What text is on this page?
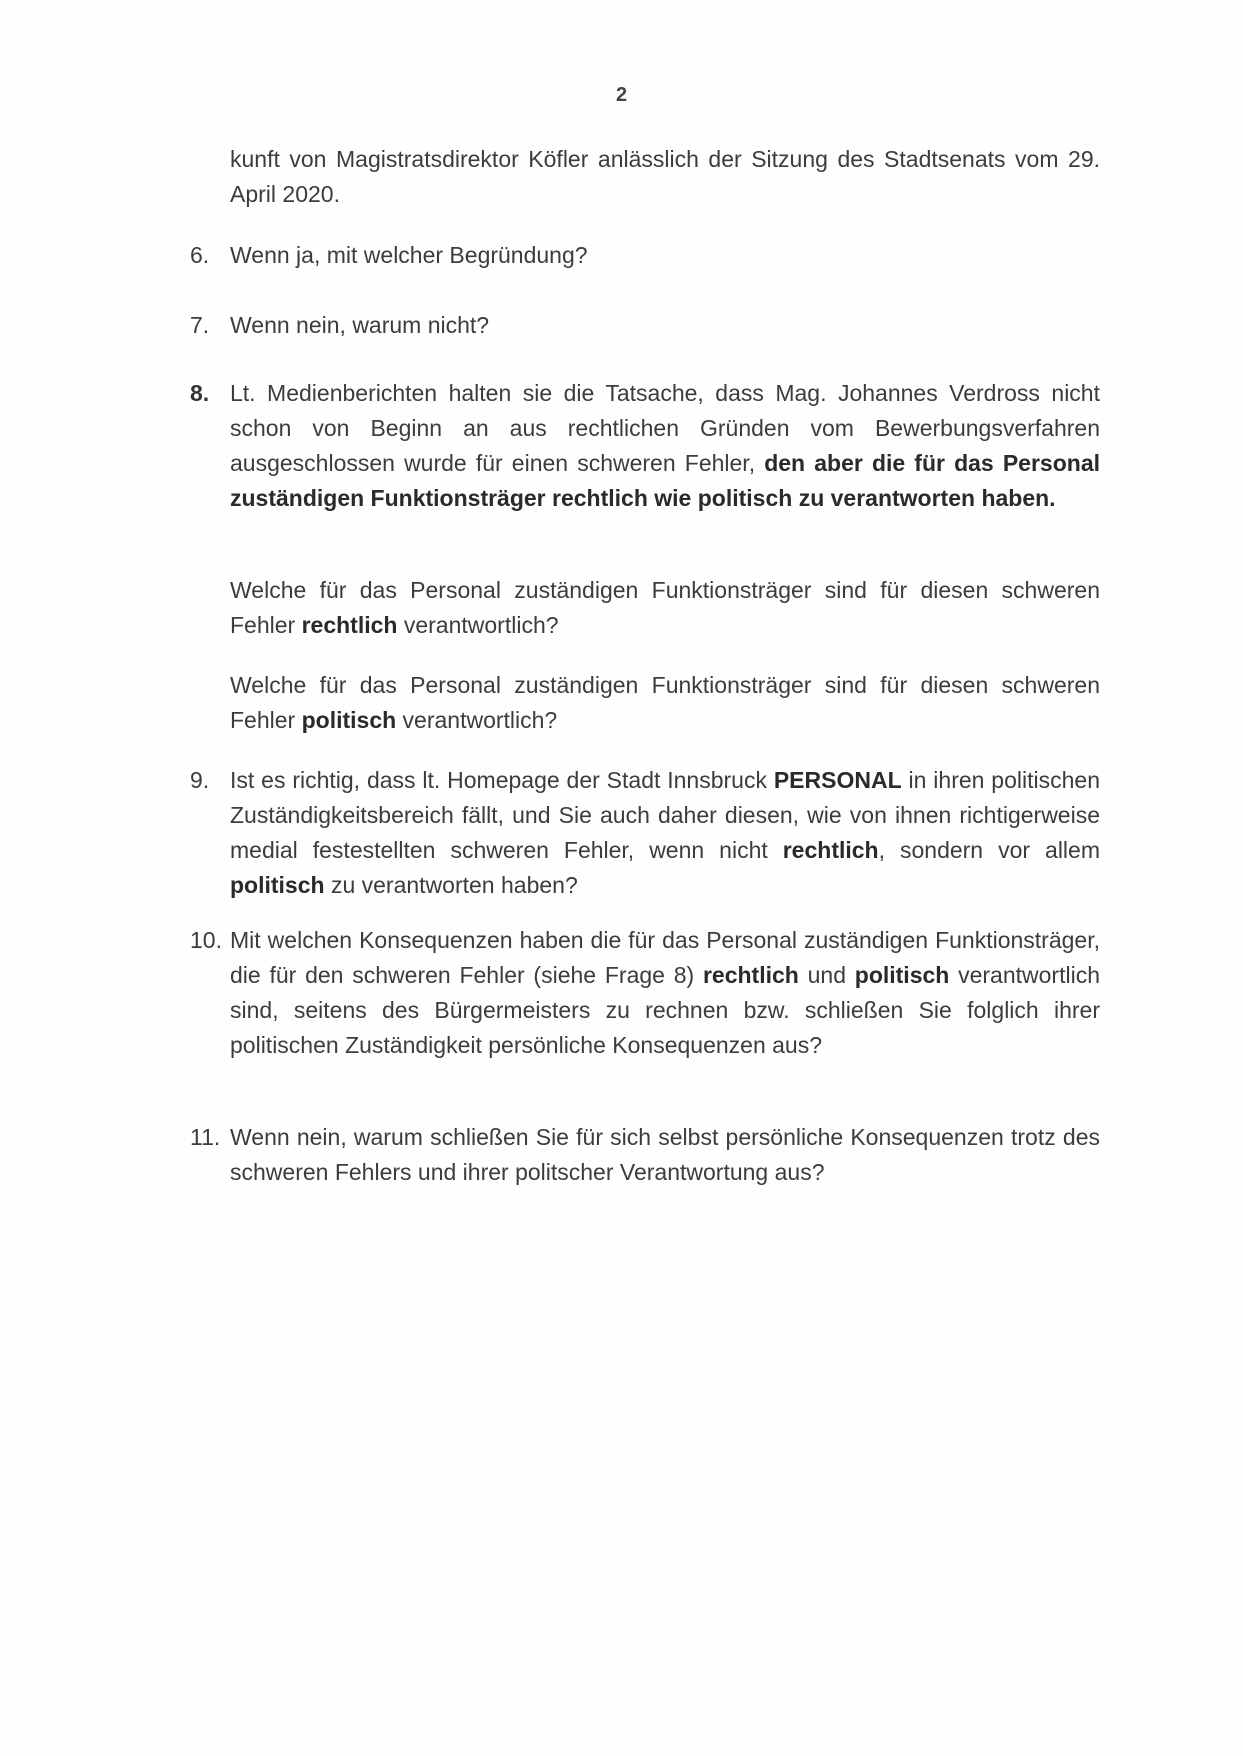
2
kunft von Magistratsdirektor Köfler anlässlich der Sitzung des Stadtsenats vom 29. April 2020.
6. Wenn ja, mit welcher Begründung?
7. Wenn nein, warum nicht?
8. Lt. Medienberichten halten sie die Tatsache, dass Mag. Johannes Verdross nicht schon von Beginn an aus rechtlichen Gründen vom Bewerbungsverfahren ausgeschlossen wurde für einen schweren Fehler, den aber die für das Personal zuständigen Funktionsträger rechtlich wie politisch zu verantworten haben.
Welche für das Personal zuständigen Funktionsträger sind für diesen schweren Fehler rechtlich verantwortlich?
Welche für das Personal zuständigen Funktionsträger sind für diesen schweren Fehler politisch verantwortlich?
9. Ist es richtig, dass lt. Homepage der Stadt Innsbruck PERSONAL in ihren politischen Zuständigkeitsbereich fällt, und Sie auch daher diesen, wie von ihnen richtigerweise medial festestellten schweren Fehler, wenn nicht rechtlich, sondern vor allem politisch zu verantworten haben?
10. Mit welchen Konsequenzen haben die für das Personal zuständigen Funktionsträger, die für den schweren Fehler (siehe Frage 8) rechtlich und politisch verantwortlich sind, seitens des Bürgermeisters zu rechnen bzw. schließen Sie folglich ihrer politischen Zuständigkeit persönliche Konsequenzen aus?
11. Wenn nein, warum schließen Sie für sich selbst persönliche Konsequenzen trotz des schweren Fehlers und ihrer politscher Verantwortung aus?
